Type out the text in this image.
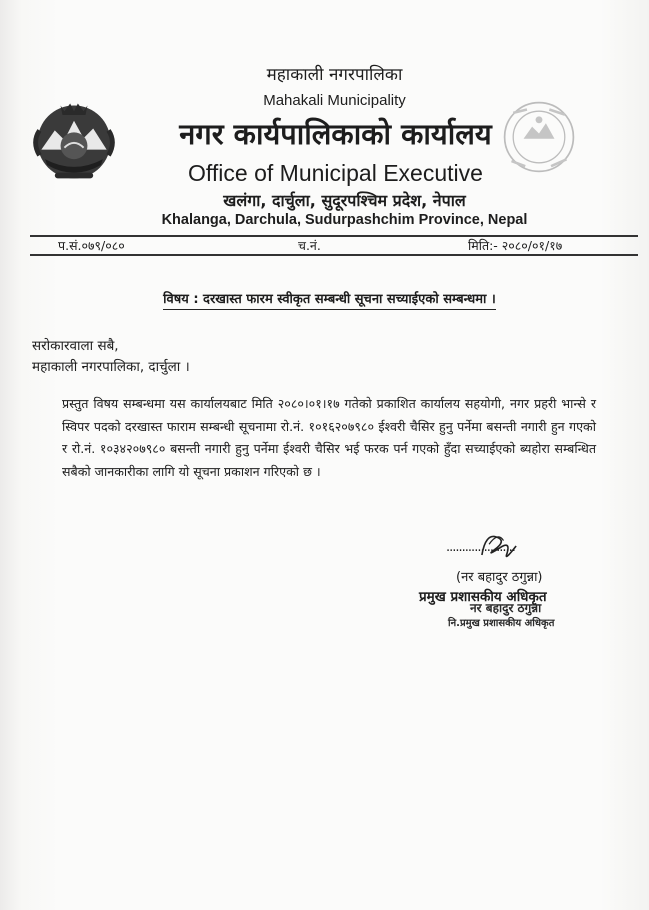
महाकाली नगरपालिका
Mahakali Municipality
नगर कार्यपालिकाको कार्यालय
Office of Municipal Executive
खलंगा, दार्चुला, सुदूरपश्चिम प्रदेश, नेपाल
Khalanga, Darchula, Sudurpashchim Province, Nepal
प.सं.०७९/०८०	च.नं.	मिति:- २०८०/०१/१७
विषय : दरखास्त फारम स्वीकृत सम्बन्धी सूचना सच्याईएको सम्बन्धमा ।
सरोकारवाला सबै,
महाकाली नगरपालिका, दार्चुला ।
प्रस्तुत विषय सम्बन्धमा यस कार्यालयबाट मिति २०८०।०१।१७ गतेको प्रकाशित कार्यालय सहयोगी, नगर प्रहरी भान्से र स्विपर पदको दरखास्त फाराम सम्बन्धी सूचनामा रो.नं. १०१६२०७९८० ईश्वरी चैसिर हुनु पर्नेमा बसन्ती नगारी हुन गएको र रो.नं. १०३४२०७९८० बसन्ती नगारी हुनु पर्नेमा ईश्वरी चैसिर भई फरक पर्न गएको हुँदा सच्याईएको ब्यहोरा सम्बन्धित सबैको जानकारीका लागि यो सूचना प्रकाशन गरिएको छ ।
......................
(नर बहादुर ठगुन्ना)
प्रमुख प्रशासकीय अधिकृत
नर बहादुर ठगुन्ना
नि.प्रमुख प्रशासकीय अधिकृत
